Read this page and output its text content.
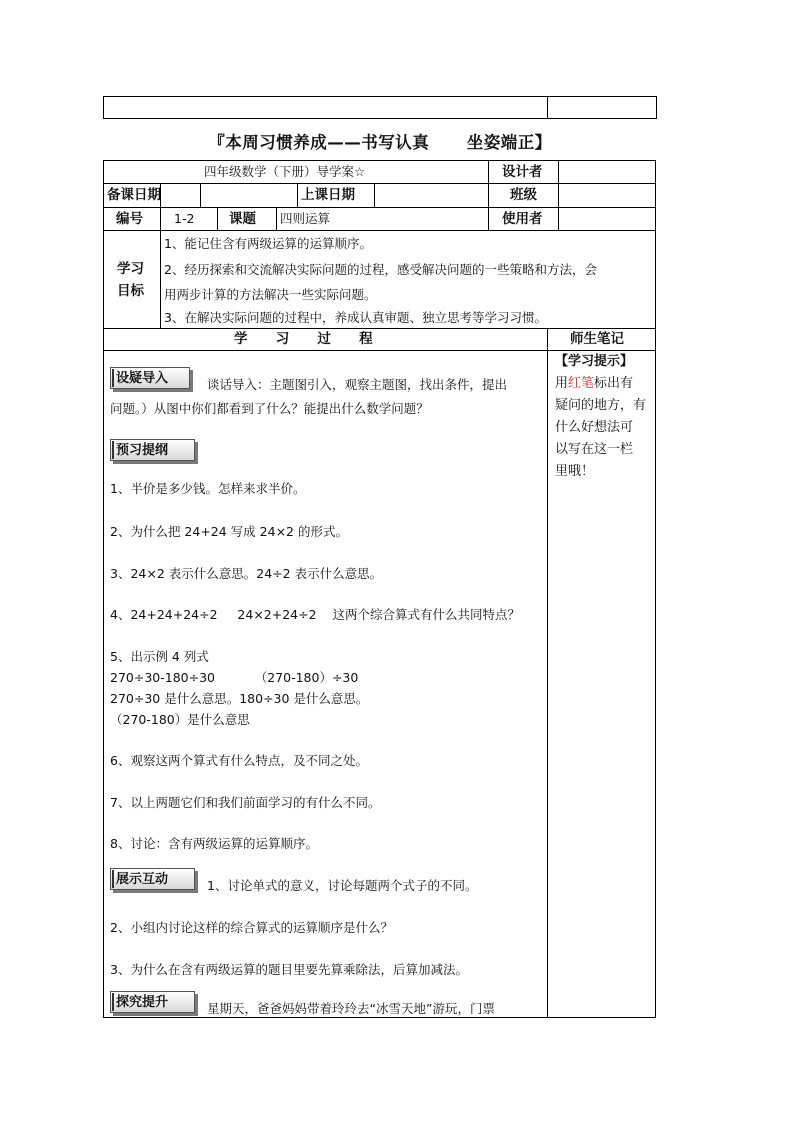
『本周习惯养成——书写认真      坐姿端正】
四年级数学（下册）导学案☆	设计者
备课日期	上课日期	班级
编号 1-2	课题 四则运算	使用者
学习
目标
1、能记住含有两级运算的运算顺序。
2、经历探索和交流解决实际问题的过程，感受解决问题的一些策略和方法，会
用两步计算的方法解决一些实际问题。
3、在解决实际问题的过程中，养成认真审题、独立思考等学习习惯。
学      习      过      程	师生笔记
【学习提示】
用红笔标出有
疑问的地方，有
什么好想法可
以写在这一栏
里哦！
设疑导入	谈话导入：主题图引入，观察主题图，找出条件，提出
问题。）从图中你们都看到了什么？能提出什么数学问题？
预习提纲
1、半价是多少钱。怎样来求半价。
2、为什么把 24+24 写成 24×2 的形式。
3、24×2 表示什么意思。24÷2 表示什么意思。
4、24+24+24÷2     24×2+24÷2    这两个综合算式有什么共同特点？
5、出示例 4 列式
270÷30-180÷30          （270-180）÷30
270÷30 是什么意思。180÷30 是什么意思。
（270-180）是什么意思
6、观察这两个算式有什么特点，及不同之处。
7、以上两题它们和我们前面学习的有什么不同。
8、讨论：含有两级运算的运算顺序。
展示互动	1、讨论单式的意义，讨论每题两个式子的不同。
2、小组内讨论这样的综合算式的运算顺序是什么？
3、为什么在含有两级运算的题目里要先算乘除法，后算加减法。
探究提升	星期天，爸爸妈妈带着玲玲去“冰雪天地”游玩，门票
